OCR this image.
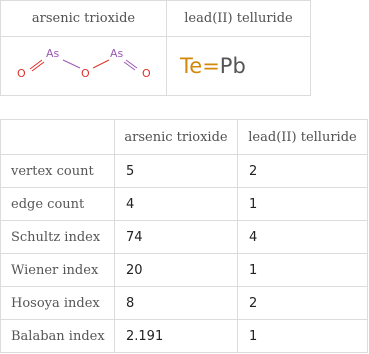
arsenic trioxide	lead(II) telluride

O
As
O
As
O	Te=Pb
	arsenic trioxide	lead(II) telluride
vertex count	5	2
edge count	4	1
Schultz index	74	4
Wiener index	20	1
Hosoya index	8	2
Balaban index	2.191	1
